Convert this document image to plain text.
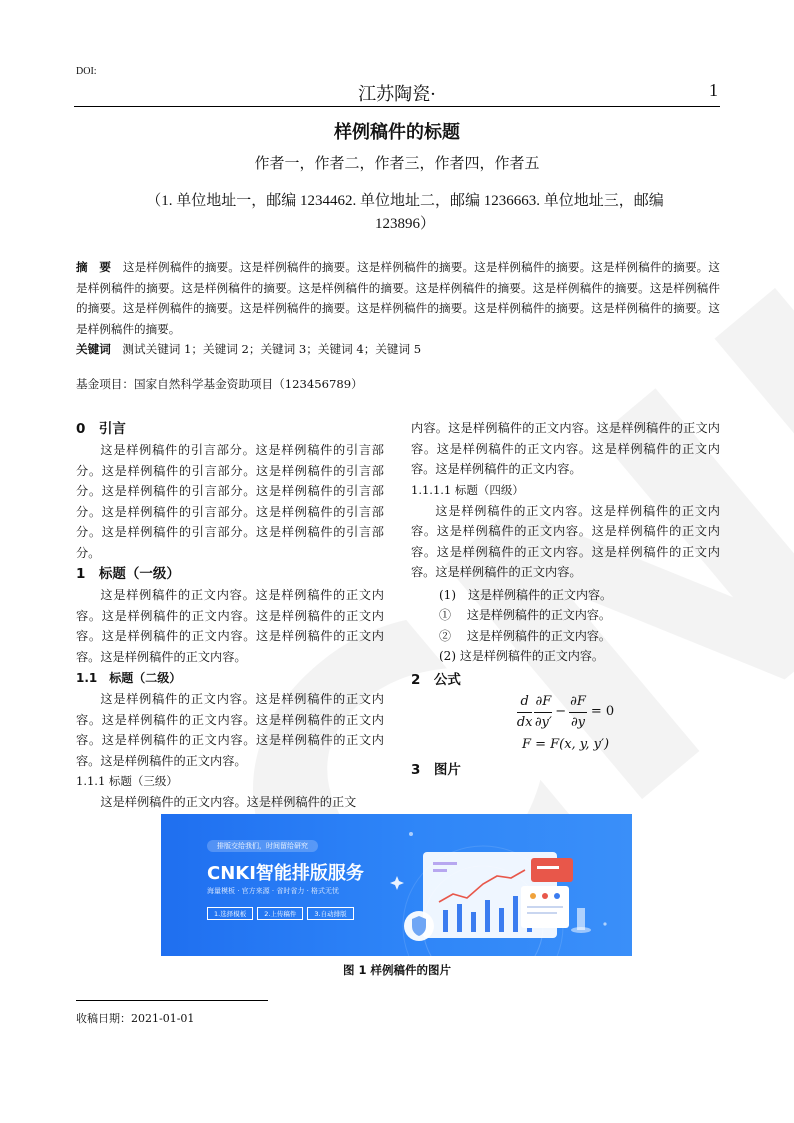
DOI:
江苏陶瓷·	1
样例稿件的标题
作者一，作者二，作者三，作者四，作者五
（1. 单位地址一，邮编 1234462. 单位地址二，邮编 1236663. 单位地址三，邮编
123896）
摘　要　 这是样例稿件的摘要。这是样例稿件的摘要。这是样例稿件的摘要。这是样例稿件的摘要。这是样例稿件的摘要。这是样例稿件的摘要。这是样例稿件的摘要。这是样例稿件的摘要。这是样例稿件的摘要。这是样例稿件的摘要。这是样例稿件的摘要。这是样例稿件的摘要。这是样例稿件的摘要。这是样例稿件的摘要。这是样例稿件的摘要。这是样例稿件的摘要。这是样例稿件的摘要。
关键词　 测试关键词 1；关键词 2；关键词 3；关键词 4；关键词 5
基金项目：国家自然科学基金资助项目（123456789）
0　引言

这是样例稿件的引言部分。这是样例稿件的引言部分。这是样例稿件的引言部分。这是样例稿件的引言部分。这是样例稿件的引言部分。这是样例稿件的引言部分。这是样例稿件的引言部分。这是样例稿件的引言部分。这是样例稿件的引言部分。这是样例稿件的引言部分。

1　标题（一级）

这是样例稿件的正文内容。这是样例稿件的正文内容。这是样例稿件的正文内容。这是样例稿件的正文内容。这是样例稿件的正文内容。这是样例稿件的正文内容。这是样例稿件的正文内容。

1.1　标题（二级）

这是样例稿件的正文内容。这是样例稿件的正文内容。这是样例稿件的正文内容。这是样例稿件的正文内容。这是样例稿件的正文内容。这是样例稿件的正文内容。这是样例稿件的正文内容。

1.1.1 标题（三级）

这是样例稿件的正文内容。这是样例稿件的正文

内容。这是样例稿件的正文内容。这是样例稿件的正文内容。这是样例稿件的正文内容。这是样例稿件的正文内容。这是样例稿件的正文内容。

1.1.1.1 标题（四级）

这是样例稿件的正文内容。这是样例稿件的正文内容。这是样例稿件的正文内容。这是样例稿件的正文内容。这是样例稿件的正文内容。这是样例稿件的正文内容。这是样例稿件的正文内容。

(1)　这是样例稿件的正文内容。
①　 这是样例稿件的正文内容。
②　 这是样例稿件的正文内容。
(2) 这是样例稿件的正文内容。
2　公式
$\frac{d}{dx} \frac{\partial F}{\partial y'} - \frac{\partial F}{\partial y} = 0$
F = F(x, y, y′)
3　图片
排版交给我们，时间留给研究
CNKI智能排版服务
海量模板 · 官方来源 · 省时省力 · 格式无忧
1.选择模板	2.上传稿件	3.自动排版
图 1 样例稿件的图片
收稿日期：2021-01-01
